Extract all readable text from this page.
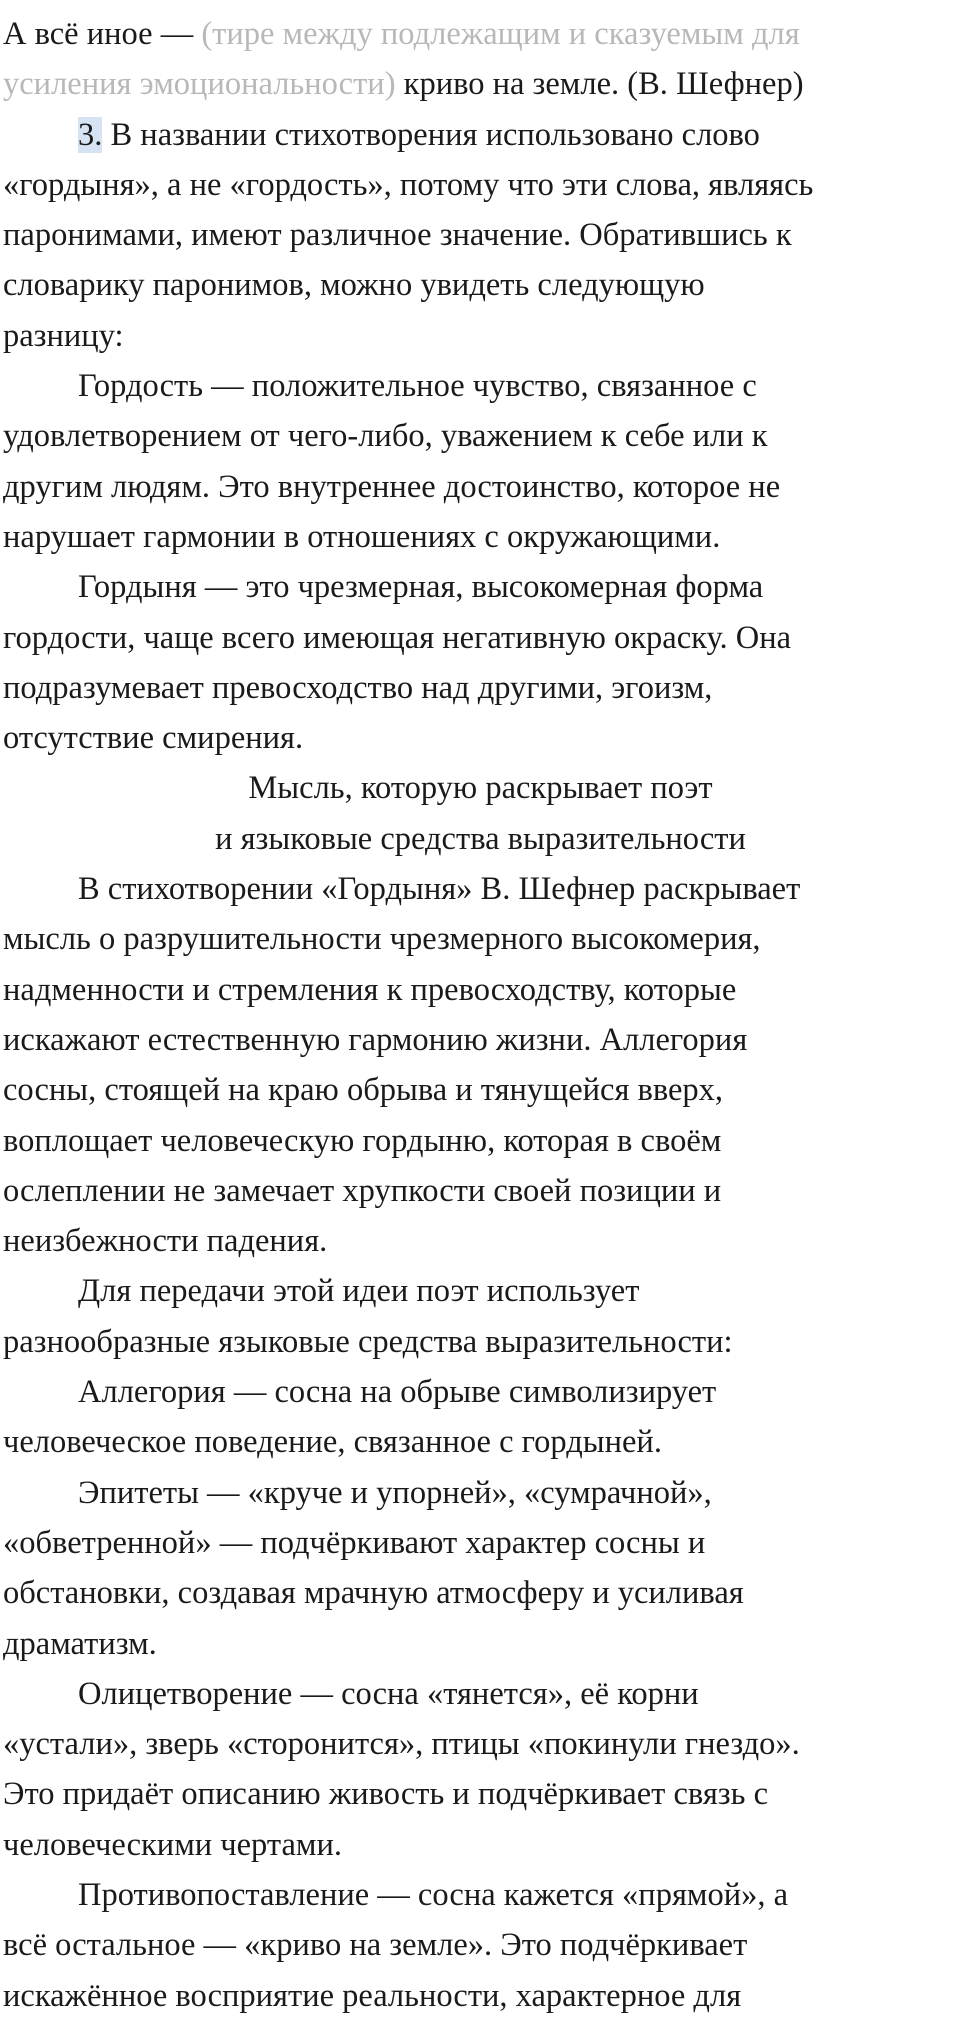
А всё иное — (тире между подлежащим и сказуемым для
усиления эмоциональности) криво на земле. (В. Шефнер)
3. В названии стихотворения использовано слово
«гордыня», а не «гордость», потому что эти слова, являясь
паронимами, имеют различное значение. Обратившись к
словарику паронимов, можно увидеть следующую
разницу:
Гордость — положительное чувство, связанное с
удовлетворением от чего-либо, уважением к себе или к
другим людям. Это внутреннее достоинство, которое не
нарушает гармонии в отношениях с окружающими.
Гордыня — это чрезмерная, высокомерная форма
гордости, чаще всего имеющая негативную окраску. Она
подразумевает превосходство над другими, эгоизм,
отсутствие смирения.
Мысль, которую раскрывает поэт
и языковые средства выразительности
В стихотворении «Гордыня» В. Шефнер раскрывает
мысль о разрушительности чрезмерного высокомерия,
надменности и стремления к превосходству, которые
искажают естественную гармонию жизни. Аллегория
сосны, стоящей на краю обрыва и тянущейся вверх,
воплощает человеческую гордыню, которая в своём
ослеплении не замечает хрупкости своей позиции и
неизбежности падения.
Для передачи этой идеи поэт использует
разнообразные языковые средства выразительности:
Аллегория — сосна на обрыве символизирует
человеческое поведение, связанное с гордыней.
Эпитеты — «круче и упорней», «сумрачной»,
«обветренной» — подчёркивают характер сосны и
обстановки, создавая мрачную атмосферу и усиливая
драматизм.
Олицетворение — сосна «тянется», её корни
«устали», зверь «сторонится», птицы «покинули гнездо».
Это придаёт описанию живость и подчёркивает связь с
человеческими чертами.
Противопоставление — сосна кажется «прямой», а
всё остальное — «криво на земле». Это подчёркивает
искажённое восприятие реальности, характерное для
